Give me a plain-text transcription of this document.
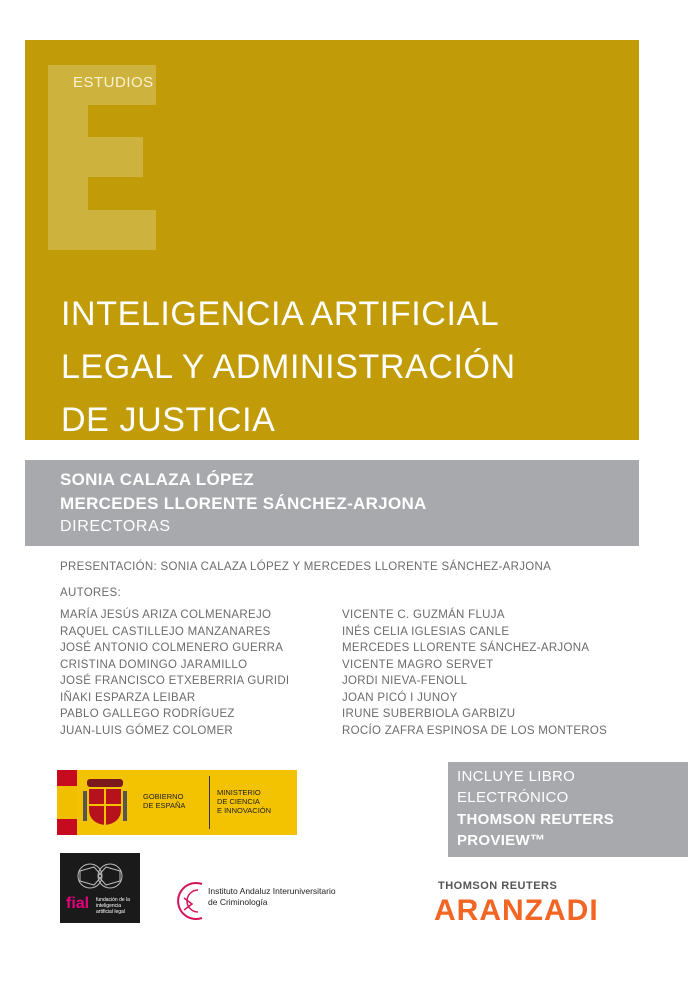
ESTUDIOS
INTELIGENCIA ARTIFICIAL
LEGAL Y ADMINISTRACIÓN
DE JUSTICIA
SONIA CALAZA LÓPEZ
MERCEDES LLORENTE SÁNCHEZ-ARJONA
DIRECTORAS
PRESENTACIÓN: SONIA CALAZA LÓPEZ Y MERCEDES LLORENTE SÁNCHEZ-ARJONA
AUTORES:
MARÍA JESÚS ARIZA COLMENAREJO
RAQUEL CASTILLEJO MANZANARES
JOSÉ ANTONIO COLMENERO GUERRA
CRISTINA DOMINGO JARAMILLO
JOSÉ FRANCISCO ETXEBERRIA GURIDI
IÑAKI ESPARZA LEIBAR
PABLO GALLEGO RODRÍGUEZ
JUAN-LUIS GÓMEZ COLOMER
VICENTE C. GUZMÁN FLUJA
INÉS CELIA IGLESIAS CANLE
MERCEDES LLORENTE SÁNCHEZ-ARJONA
VICENTE MAGRO SERVET
JORDI NIEVA-FENOLL
JOAN PICÓ I JUNOY
IRUNE SUBERBIOLA GARBIZU
ROCÍO ZAFRA ESPINOSA DE LOS MONTEROS
GOBIERNO
DE ESPAÑA
MINISTERIO
DE CIENCIA
E INNOVACIÓN
INCLUYE LIBRO
ELECTRÓNICO
THOMSON REUTERS
PROVIEW™
fial fundación de la
inteligencia
artificial legal
Instituto Andaluz Interuniversitario
de Criminología
THOMSON REUTERS
ARANZADI
